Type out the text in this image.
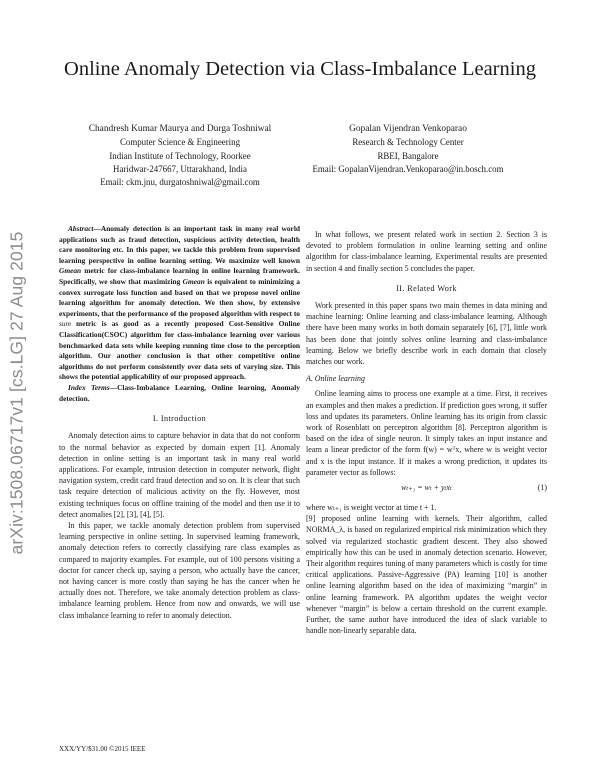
Online Anomaly Detection via Class-Imbalance Learning
Chandresh Kumar Maurya and Durga Toshniwal
Computer Science & Engineering
Indian Institute of Technology, Roorkee
Haridwar-247667, Uttarakhand, India
Email: ckm.jnu, durgatoshniwal@gmail.com
Gopalan Vijendran Venkoparao
Research & Technology Center
RBEI, Bangalore
Email: GopalanVijendran.Venkoparao@in.bosch.com
arXiv:1508.06717v1 [cs.LG] 27 Aug 2015

Abstract—Anomaly detection is an important task in many real world applications such as fraud detection, suspicious activity detection, health care monitoring etc. In this paper, we tackle this problem from supervised learning perspective in online learning setting. We maximize well known Gmean metric for class-imbalance learning in online learning framework. Specifically, we show that maximizing Gmean is equivalent to minimizing a convex surrogate loss function and based on that we propose novel online learning algorithm for anomaly detection. We then show, by extensive experiments, that the performance of the proposed algorithm with respect to sum metric is as good as a recently proposed Cost-Sensitive Online Classification(CSOC) algorithm for class-imbalance learning over various benchmarked data sets while keeping running time close to the perception algorithm. Our another conclusion is that other competitive online algorithms do not perform consistently over data sets of varying size. This shows the potential applicability of our proposed approach.

Index Terms—Class-Imbalance Learning, Online learning, Anomaly detection.

I. Introduction

Anomaly detection aims to capture behavior in data that do not conform to the normal behavior as expected by domain expert [1]. Anomaly detection in online setting is an important task in many real world applications. For example, intrusion detection in computer network, flight navigation system, credit card fraud detection and so on. It is clear that such task require detection of malicious activity on the fly. However, most existing techniques focus on offline training of the model and then use it to detect anomalies [2], [3], [4], [5].

In this paper, we tackle anomaly detection problem from supervised learning perspective in online setting. In supervised learning framework, anomaly detection refers to correctly classifying rare class examples as compared to majority examples. For example, out of 100 persons visiting a doctor for cancer check up, saying a person, who actually have the cancer, not having cancer is more costly than saying he has the cancer when he actually does not. Therefore, we take anomaly detection problem as class-imbalance learning problem. Hence from now and onwards, we will use class imbalance learning to refer to anomaly detection.

XXX/YY/$31.00 ©2015 IEEE

In what follows, we present related work in section 2. Section 3 is devoted to problem formulation in online learning setting and online algorithm for class-imbalance learning. Experimental results are presented in section 4 and finally section 5 concludes the paper.

II. Related Work

Work presented in this paper spans two main themes in data mining and machine learning: Online learning and class-imbalance learning. Although there have been many works in both domain separately [6], [7], little work has been done that jointly solves online learning and class-imbalance learning. Below we briefly describe work in each domain that closely matches our work.

A. Online learning

Online learning aims to process one example at a time. First, it receives an examples and then makes a prediction. If prediction goes wrong, it suffer loss and updates its parameters. Online learning has its origin from classic work of Rosenblatt on perceptron algorithm [8]. Perceptron algorithm is based on the idea of single neuron. It simply takes an input instance and learn a linear predictor of the form f(w) = wᵀx, where w is weight vector and x is the input instance. If it makes a wrong prediction, it updates its parameter vector as follows:

wₜ₊₁ = wₜ + yₜxₜ	(1)

where wₜ₊₁ is weight vector at time t + 1.

[9] proposed online learning with kernels. Their algorithm, called NORMA_λ, is based on regularized empirical risk minimization which they solved via regularized stochastic gradient descent. They also showed empirically how this can be used in anomaly detection scenario. However, Their algorithm requires tuning of many parameters which is costly for time critical applications. Passive-Aggressive (PA) learning [10] is another online learning algorithm based on the idea of maximizing “margin” in online learning framework. PA algorithm updates the weight vector whenever “margin” is below a certain threshold on the current example. Further, the same author have introduced the idea of slack variable to handle non-linearly separable data.
